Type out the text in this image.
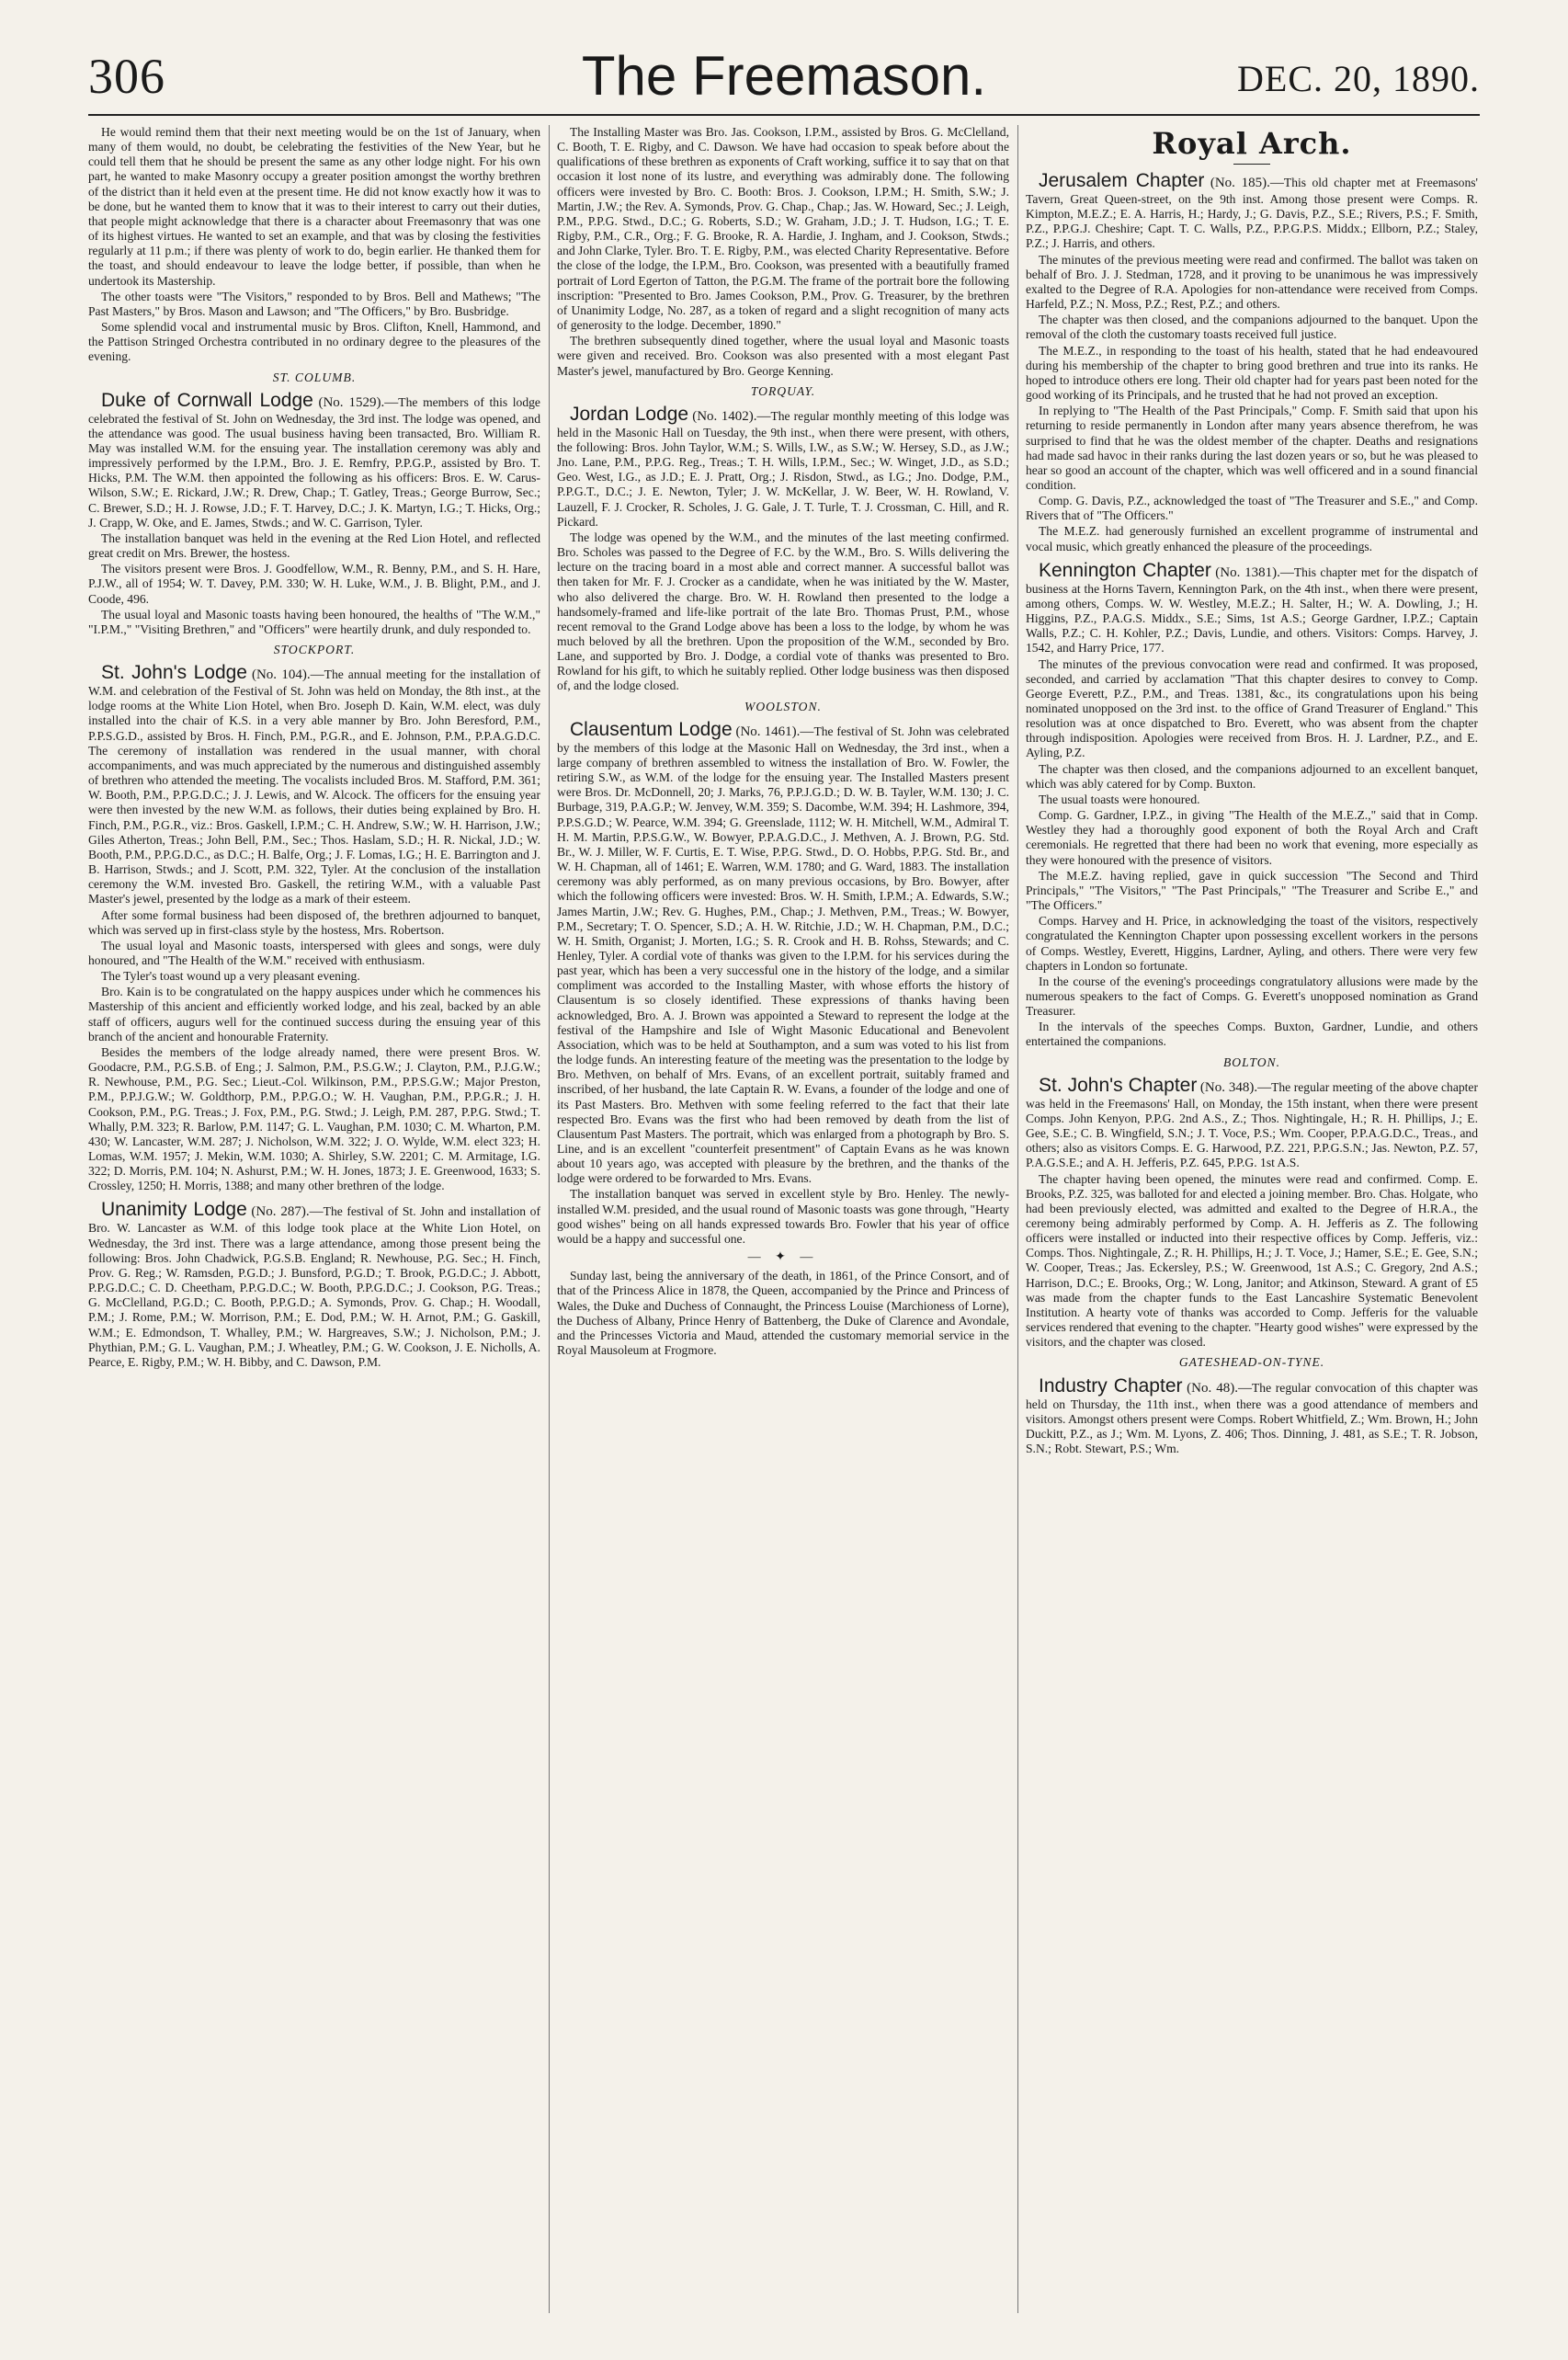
306	The Freemason.	DEC. 20, 1890.

He would remind them that their next meeting would be on the 1st of January, when many of them would, no doubt, be celebrating the festivities of the New Year, but he could tell them that he should be present the same as any other lodge night. For his own part, he wanted to make Masonry occupy a greater position amongst the worthy brethren of the district than it held even at the present time. He did not know exactly how it was to be done, but he wanted them to know that it was to their interest to carry out their duties, that people might acknowledge that there is a character about Freemasonry that was one of its highest virtues. He wanted to set an example, and that was by closing the festivities regularly at 11 p.m.; if there was plenty of work to do, begin earlier. He thanked them for the toast, and should endeavour to leave the lodge better, if possible, than when he undertook its Mastership.

The other toasts were "The Visitors," responded to by Bros. Bell and Mathews; "The Past Masters," by Bros. Mason and Lawson; and "The Officers," by Bro. Busbridge.

Some splendid vocal and instrumental music by Bros. Clifton, Knell, Hammond, and the Pattison Stringed Orchestra contributed in no ordinary degree to the pleasures of the evening.

ST. COLUMB.

Duke of Cornwall Lodge (No. 1529).—The members of this lodge celebrated the festival of St. John on Wednesday, the 3rd inst. The lodge was opened, and the attendance was good. The usual business having been transacted, Bro. William R. May was installed W.M. for the ensuing year. The installation ceremony was ably and impressively performed by the I.P.M., Bro. J. E. Remfry, P.P.G.P., assisted by Bro. T. Hicks, P.M. The W.M. then appointed the following as his officers: Bros. E. W. Carus-Wilson, S.W.; E. Rickard, J.W.; R. Drew, Chap.; T. Gatley, Treas.; George Burrow, Sec.; C. Brewer, S.D.; H. J. Rowse, J.D.; F. T. Harvey, D.C.; J. K. Martyn, I.G.; T. Hicks, Org.; J. Crapp, W. Oke, and E. James, Stwds.; and W. C. Garrison, Tyler.

The installation banquet was held in the evening at the Red Lion Hotel, and reflected great credit on Mrs. Brewer, the hostess.

The visitors present were Bros. J. Goodfellow, W.M., R. Benny, P.M., and S. H. Hare, P.J.W., all of 1954; W. T. Davey, P.M. 330; W. H. Luke, W.M., J. B. Blight, P.M., and J. Coode, 496.

The usual loyal and Masonic toasts having been honoured, the healths of "The W.M.," "I.P.M.," "Visiting Brethren," and "Officers" were heartily drunk, and duly responded to.

STOCKPORT.

St. John's Lodge (No. 104).—The annual meeting for the installation of W.M. and celebration of the Festival of St. John was held on Monday, the 8th inst., at the lodge rooms at the White Lion Hotel, when Bro. Joseph D. Kain, W.M. elect, was duly installed into the chair of K.S. in a very able manner by Bro. John Beresford, P.M., P.P.S.G.D., assisted by Bros. H. Finch, P.M., P.G.R., and E. Johnson, P.M., P.P.A.G.D.C. The ceremony of installation was rendered in the usual manner, with choral accompaniments, and was much appreciated by the numerous and distinguished assembly of brethren who attended the meeting. The vocalists included Bros. M. Stafford, P.M. 361; W. Booth, P.M., P.P.G.D.C.; J. J. Lewis, and W. Alcock. The officers for the ensuing year were then invested by the new W.M. as follows, their duties being explained by Bro. H. Finch, P.M., P.G.R., viz.: Bros. Gaskell, I.P.M.; C. H. Andrew, S.W.; W. H. Harrison, J.W.; Giles Atherton, Treas.; John Bell, P.M., Sec.; Thos. Haslam, S.D.; H. R. Nickal, J.D.; W. Booth, P.M., P.P.G.D.C., as D.C.; H. Balfe, Org.; J. F. Lomas, I.G.; H. E. Barrington and J. B. Harrison, Stwds.; and J. Scott, P.M. 322, Tyler. At the conclusion of the installation ceremony the W.M. invested Bro. Gaskell, the retiring W.M., with a valuable Past Master's jewel, presented by the lodge as a mark of their esteem.

After some formal business had been disposed of, the brethren adjourned to banquet, which was served up in first-class style by the hostess, Mrs. Robertson.

The usual loyal and Masonic toasts, interspersed with glees and songs, were duly honoured, and "The Health of the W.M." received with enthusiasm.

The Tyler's toast wound up a very pleasant evening.

Bro. Kain is to be congratulated on the happy auspices under which he commences his Mastership of this ancient and efficiently worked lodge, and his zeal, backed by an able staff of officers, augurs well for the continued success during the ensuing year of this branch of the ancient and honourable Fraternity.

Besides the members of the lodge already named, there were present Bros. W. Goodacre, P.M., P.G.S.B. of Eng.; J. Salmon, P.M., P.S.G.W.; J. Clayton, P.M., P.J.G.W.; R. Newhouse, P.M., P.G. Sec.; Lieut.-Col. Wilkinson, P.M., P.P.S.G.W.; Major Preston, P.M., P.P.J.G.W.; W. Goldthorp, P.M., P.P.G.O.; W. H. Vaughan, P.M., P.P.G.R.; J. H. Cookson, P.M., P.G. Treas.; J. Fox, P.M., P.G. Stwd.; J. Leigh, P.M. 287, P.P.G. Stwd.; T. Whally, P.M. 323; R. Barlow, P.M. 1147; G. L. Vaughan, P.M. 1030; C. M. Wharton, P.M. 430; W. Lancaster, W.M. 287; J. Nicholson, W.M. 322; J. O. Wylde, W.M. elect 323; H. Lomas, W.M. 1957; J. Mekin, W.M. 1030; A. Shirley, S.W. 2201; C. M. Armitage, I.G. 322; D. Morris, P.M. 104; N. Ashurst, P.M.; W. H. Jones, 1873; J. E. Greenwood, 1633; S. Crossley, 1250; H. Morris, 1388; and many other brethren of the lodge.

Unanimity Lodge (No. 287).—The festival of St. John and installation of Bro. W. Lancaster as W.M. of this lodge took place at the White Lion Hotel, on Wednesday, the 3rd inst. There was a large attendance, among those present being the following: Bros. John Chadwick, P.G.S.B. England; R. Newhouse, P.G. Sec.; H. Finch, Prov. G. Reg.; W. Ramsden, P.G.D.; J. Bunsford, P.G.D.; T. Brook, P.G.D.C.; J. Abbott, P.P.G.D.C.; C. D. Cheetham, P.P.G.D.C.; W. Booth, P.P.G.D.C.; J. Cookson, P.G. Treas.; G. McClelland, P.G.D.; C. Booth, P.P.G.D.; A. Symonds, Prov. G. Chap.; H. Woodall, P.M.; J. Rome, P.M.; W. Morrison, P.M.; E. Dod, P.M.; W. H. Arnot, P.M.; G. Gaskill, W.M.; E. Edmondson, T. Whalley, P.M.; W. Hargreaves, S.W.; J. Nicholson, P.M.; J. Phythian, P.M.; G. L. Vaughan, P.M.; J. Wheatley, P.M.; G. W. Cookson, J. E. Nicholls, A. Pearce, E. Rigby, P.M.; W. H. Bibby, and C. Dawson, P.M.

The Installing Master was Bro. Jas. Cookson, I.P.M., assisted by Bros. G. McClelland, C. Booth, T. E. Rigby, and C. Dawson. We have had occasion to speak before about the qualifications of these brethren as exponents of Craft working, suffice it to say that on that occasion it lost none of its lustre, and everything was admirably done. The following officers were invested by Bro. C. Booth: Bros. J. Cookson, I.P.M.; H. Smith, S.W.; J. Martin, J.W.; the Rev. A. Symonds, Prov. G. Chap., Chap.; Jas. W. Howard, Sec.; J. Leigh, P.M., P.P.G. Stwd., D.C.; G. Roberts, S.D.; W. Graham, J.D.; J. T. Hudson, I.G.; T. E. Rigby, P.M., C.R., Org.; F. G. Brooke, R. A. Hardie, J. Ingham, and J. Cookson, Stwds.; and John Clarke, Tyler. Bro. T. E. Rigby, P.M., was elected Charity Representative. Before the close of the lodge, the I.P.M., Bro. Cookson, was presented with a beautifully framed portrait of Lord Egerton of Tatton, the P.G.M. The frame of the portrait bore the following inscription: "Presented to Bro. James Cookson, P.M., Prov. G. Treasurer, by the brethren of Unanimity Lodge, No. 287, as a token of regard and a slight recognition of many acts of generosity to the lodge. December, 1890."

The brethren subsequently dined together, where the usual loyal and Masonic toasts were given and received. Bro. Cookson was also presented with a most elegant Past Master's jewel, manufactured by Bro. George Kenning.

TORQUAY.

Jordan Lodge (No. 1402).—The regular monthly meeting of this lodge was held in the Masonic Hall on Tuesday, the 9th inst., when there were present, with others, the following: Bros. John Taylor, W.M.; S. Wills, I.W., as S.W.; W. Hersey, S.D., as J.W.; Jno. Lane, P.M., P.P.G. Reg., Treas.; T. H. Wills, I.P.M., Sec.; W. Winget, J.D., as S.D.; Geo. West, I.G., as J.D.; E. J. Pratt, Org.; J. Risdon, Stwd., as I.G.; Jno. Dodge, P.M., P.P.G.T., D.C.; J. E. Newton, Tyler; J. W. McKellar, J. W. Beer, W. H. Rowland, V. Lauzell, F. J. Crocker, R. Scholes, J. G. Gale, J. T. Turle, T. J. Crossman, C. Hill, and R. Pickard.

The lodge was opened by the W.M., and the minutes of the last meeting confirmed. Bro. Scholes was passed to the Degree of F.C. by the W.M., Bro. S. Wills delivering the lecture on the tracing board in a most able and correct manner. A successful ballot was then taken for Mr. F. J. Crocker as a candidate, when he was initiated by the W. Master, who also delivered the charge. Bro. W. H. Rowland then presented to the lodge a handsomely-framed and life-like portrait of the late Bro. Thomas Prust, P.M., whose recent removal to the Grand Lodge above has been a loss to the lodge, by whom he was much beloved by all the brethren. Upon the proposition of the W.M., seconded by Bro. Lane, and supported by Bro. J. Dodge, a cordial vote of thanks was presented to Bro. Rowland for his gift, to which he suitably replied. Other lodge business was then disposed of, and the lodge closed.

WOOLSTON.

Clausentum Lodge (No. 1461).—The festival of St. John was celebrated by the members of this lodge at the Masonic Hall on Wednesday, the 3rd inst., when a large company of brethren assembled to witness the installation of Bro. W. Fowler, the retiring S.W., as W.M. of the lodge for the ensuing year. The Installed Masters present were Bros. Dr. McDonnell, 20; J. Marks, 76, P.P.J.G.D.; D. W. B. Tayler, W.M. 130; J. C. Burbage, 319, P.A.G.P.; W. Jenvey, W.M. 359; S. Dacombe, W.M. 394; H. Lashmore, 394, P.P.S.G.D.; W. Pearce, W.M. 394; G. Greenslade, 1112; W. H. Mitchell, W.M., Admiral T. H. M. Martin, P.P.S.G.W., W. Bowyer, P.P.A.G.D.C., J. Methven, A. J. Brown, P.G. Std. Br., W. J. Miller, W. F. Curtis, E. T. Wise, P.P.G. Stwd., D. O. Hobbs, P.P.G. Std. Br., and W. H. Chapman, all of 1461; E. Warren, W.M. 1780; and G. Ward, 1883. The installation ceremony was ably performed, as on many previous occasions, by Bro. Bowyer, after which the following officers were invested: Bros. W. H. Smith, I.P.M.; A. Edwards, S.W.; James Martin, J.W.; Rev. G. Hughes, P.M., Chap.; J. Methven, P.M., Treas.; W. Bowyer, P.M., Secretary; T. O. Spencer, S.D.; A. H. W. Ritchie, J.D.; W. H. Chapman, P.M., D.C.; W. H. Smith, Organist; J. Morten, I.G.; S. R. Crook and H. B. Rohss, Stewards; and C. Henley, Tyler. A cordial vote of thanks was given to the I.P.M. for his services during the past year, which has been a very successful one in the history of the lodge, and a similar compliment was accorded to the Installing Master, with whose efforts the history of Clausentum is so closely identified. These expressions of thanks having been acknowledged, Bro. A. J. Brown was appointed a Steward to represent the lodge at the festival of the Hampshire and Isle of Wight Masonic Educational and Benevolent Association, which was to be held at Southampton, and a sum was voted to his list from the lodge funds. An interesting feature of the meeting was the presentation to the lodge by Bro. Methven, on behalf of Mrs. Evans, of an excellent portrait, suitably framed and inscribed, of her husband, the late Captain R. W. Evans, a founder of the lodge and one of its Past Masters. Bro. Methven with some feeling referred to the fact that their late respected Bro. Evans was the first who had been removed by death from the list of Clausentum Past Masters. The portrait, which was enlarged from a photograph by Bro. S. Line, and is an excellent "counterfeit presentment" of Captain Evans as he was known about 10 years ago, was accepted with pleasure by the brethren, and the thanks of the lodge were ordered to be forwarded to Mrs. Evans.

The installation banquet was served in excellent style by Bro. Henley. The newly-installed W.M. presided, and the usual round of Masonic toasts was gone through, "Hearty good wishes" being on all hands expressed towards Bro. Fowler that his year of office would be a happy and successful one.

— ✦ —

Sunday last, being the anniversary of the death, in 1861, of the Prince Consort, and of that of the Princess Alice in 1878, the Queen, accompanied by the Prince and Princess of Wales, the Duke and Duchess of Connaught, the Princess Louise (Marchioness of Lorne), the Duchess of Albany, Prince Henry of Battenberg, the Duke of Clarence and Avondale, and the Princesses Victoria and Maud, attended the customary memorial service in the Royal Mausoleum at Frogmore.

Royal Arch.

Jerusalem Chapter (No. 185).—This old chapter met at Freemasons' Tavern, Great Queen-street, on the 9th inst. Among those present were Comps. R. Kimpton, M.E.Z.; E. A. Harris, H.; Hardy, J.; G. Davis, P.Z., S.E.; Rivers, P.S.; F. Smith, P.Z., P.P.G.J. Cheshire; Capt. T. C. Walls, P.Z., P.P.G.P.S. Middx.; Ellborn, P.Z.; Staley, P.Z.; J. Harris, and others.

The minutes of the previous meeting were read and confirmed. The ballot was taken on behalf of Bro. J. J. Stedman, 1728, and it proving to be unanimous he was impressively exalted to the Degree of R.A. Apologies for non-attendance were received from Comps. Harfeld, P.Z.; N. Moss, P.Z.; Rest, P.Z.; and others.

The chapter was then closed, and the companions adjourned to the banquet. Upon the removal of the cloth the customary toasts received full justice.

The M.E.Z., in responding to the toast of his health, stated that he had endeavoured during his membership of the chapter to bring good brethren and true into its ranks. He hoped to introduce others ere long. Their old chapter had for years past been noted for the good working of its Principals, and he trusted that he had not proved an exception.

In replying to "The Health of the Past Principals," Comp. F. Smith said that upon his returning to reside permanently in London after many years absence therefrom, he was surprised to find that he was the oldest member of the chapter. Deaths and resignations had made sad havoc in their ranks during the last dozen years or so, but he was pleased to hear so good an account of the chapter, which was well officered and in a sound financial condition.

Comp. G. Davis, P.Z., acknowledged the toast of "The Treasurer and S.E.," and Comp. Rivers that of "The Officers."

The M.E.Z. had generously furnished an excellent programme of instrumental and vocal music, which greatly enhanced the pleasure of the proceedings.

Kennington Chapter (No. 1381).—This chapter met for the dispatch of business at the Horns Tavern, Kennington Park, on the 4th inst., when there were present, among others, Comps. W. W. Westley, M.E.Z.; H. Salter, H.; W. A. Dowling, J.; H. Higgins, P.Z., P.A.G.S. Middx., S.E.; Sims, 1st A.S.; George Gardner, I.P.Z.; Captain Walls, P.Z.; C. H. Kohler, P.Z.; Davis, Lundie, and others. Visitors: Comps. Harvey, J. 1542, and Harry Price, 177.

The minutes of the previous convocation were read and confirmed. It was proposed, seconded, and carried by acclamation "That this chapter desires to convey to Comp. George Everett, P.Z., P.M., and Treas. 1381, &c., its congratulations upon his being nominated unopposed on the 3rd inst. to the office of Grand Treasurer of England." This resolution was at once dispatched to Bro. Everett, who was absent from the chapter through indisposition. Apologies were received from Bros. H. J. Lardner, P.Z., and E. Ayling, P.Z.

The chapter was then closed, and the companions adjourned to an excellent banquet, which was ably catered for by Comp. Buxton.

The usual toasts were honoured.

Comp. G. Gardner, I.P.Z., in giving "The Health of the M.E.Z.," said that in Comp. Westley they had a thoroughly good exponent of both the Royal Arch and Craft ceremonials. He regretted that there had been no work that evening, more especially as they were honoured with the presence of visitors.

The M.E.Z. having replied, gave in quick succession "The Second and Third Principals," "The Visitors," "The Past Principals," "The Treasurer and Scribe E.," and "The Officers."

Comps. Harvey and H. Price, in acknowledging the toast of the visitors, respectively congratulated the Kennington Chapter upon possessing excellent workers in the persons of Comps. Westley, Everett, Higgins, Lardner, Ayling, and others. There were very few chapters in London so fortunate.

In the course of the evening's proceedings congratulatory allusions were made by the numerous speakers to the fact of Comps. G. Everett's unopposed nomination as Grand Treasurer.

In the intervals of the speeches Comps. Buxton, Gardner, Lundie, and others entertained the companions.

BOLTON.

St. John's Chapter (No. 348).—The regular meeting of the above chapter was held in the Freemasons' Hall, on Monday, the 15th instant, when there were present Comps. John Kenyon, P.P.G. 2nd A.S., Z.; Thos. Nightingale, H.; R. H. Phillips, J.; E. Gee, S.E.; C. B. Wingfield, S.N.; J. T. Voce, P.S.; Wm. Cooper, P.P.A.G.D.C., Treas., and others; also as visitors Comps. E. G. Harwood, P.Z. 221, P.P.G.S.N.; Jas. Newton, P.Z. 57, P.A.G.S.E.; and A. H. Jefferis, P.Z. 645, P.P.G. 1st A.S.

The chapter having been opened, the minutes were read and confirmed. Comp. E. Brooks, P.Z. 325, was balloted for and elected a joining member. Bro. Chas. Holgate, who had been previously elected, was admitted and exalted to the Degree of H.R.A., the ceremony being admirably performed by Comp. A. H. Jefferis as Z. The following officers were installed or inducted into their respective offices by Comp. Jefferis, viz.: Comps. Thos. Nightingale, Z.; R. H. Phillips, H.; J. T. Voce, J.; Hamer, S.E.; E. Gee, S.N.; W. Cooper, Treas.; Jas. Eckersley, P.S.; W. Greenwood, 1st A.S.; C. Gregory, 2nd A.S.; Harrison, D.C.; E. Brooks, Org.; W. Long, Janitor; and Atkinson, Steward. A grant of £5 was made from the chapter funds to the East Lancashire Systematic Benevolent Institution. A hearty vote of thanks was accorded to Comp. Jefferis for the valuable services rendered that evening to the chapter. "Hearty good wishes" were expressed by the visitors, and the chapter was closed.

GATESHEAD-ON-TYNE.

Industry Chapter (No. 48).—The regular convocation of this chapter was held on Thursday, the 11th inst., when there was a good attendance of members and visitors. Amongst others present were Comps. Robert Whitfield, Z.; Wm. Brown, H.; John Duckitt, P.Z., as J.; Wm. M. Lyons, Z. 406; Thos. Dinning, J. 481, as S.E.; T. R. Jobson, S.N.; Robt. Stewart, P.S.; Wm.
